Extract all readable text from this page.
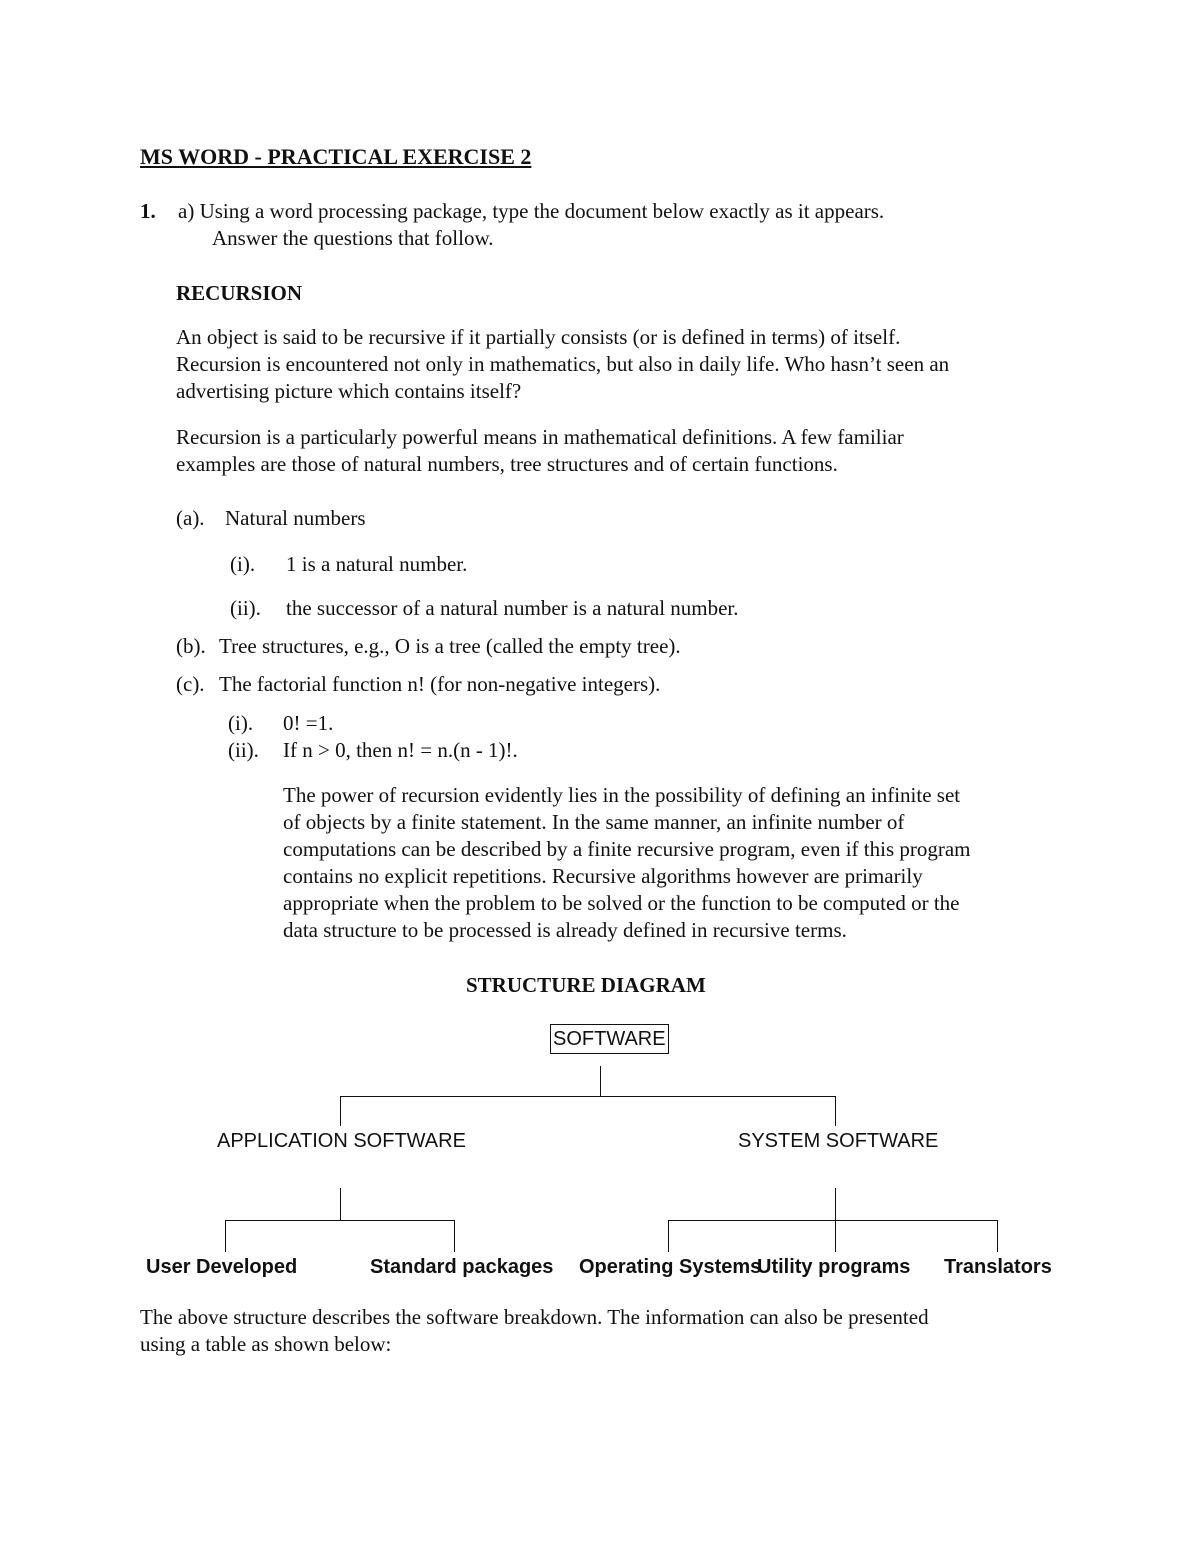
MS WORD - PRACTICAL EXERCISE 2
1. a) Using a word processing package, type the document below exactly as it appears.
Answer the questions that follow.
RECURSION
An object is said to be recursive if it partially consists (or is defined in terms) of itself.
Recursion is encountered not only in mathematics, but also in daily life. Who hasn’t seen an
advertising picture which contains itself?
Recursion is a particularly powerful means in mathematical definitions. A few familiar
examples are those of natural numbers, tree structures and of certain functions.
(a). Natural numbers
(i). 1 is a natural number.
(ii). the successor of a natural number is a natural number.
(b). Tree structures, e.g., O is a tree (called the empty tree).
(c). The factorial function n! (for non-negative integers).
(i). 0! =1.
(ii). If n > 0, then n! = n.(n - 1)!.
The power of recursion evidently lies in the possibility of defining an infinite set
of objects by a finite statement. In the same manner, an infinite number of
computations can be described by a finite recursive program, even if this program
contains no explicit repetitions. Recursive algorithms however are primarily
appropriate when the problem to be solved or the function to be computed or the
data structure to be processed is already defined in recursive terms.
STRUCTURE DIAGRAM
SOFTWARE
APPLICATION SOFTWARE	SYSTEM SOFTWARE
User Developed	Standard packages Operating Systems
Utility programs Translators
The above structure describes the software breakdown. The information can also be presented
using a table as shown below:
